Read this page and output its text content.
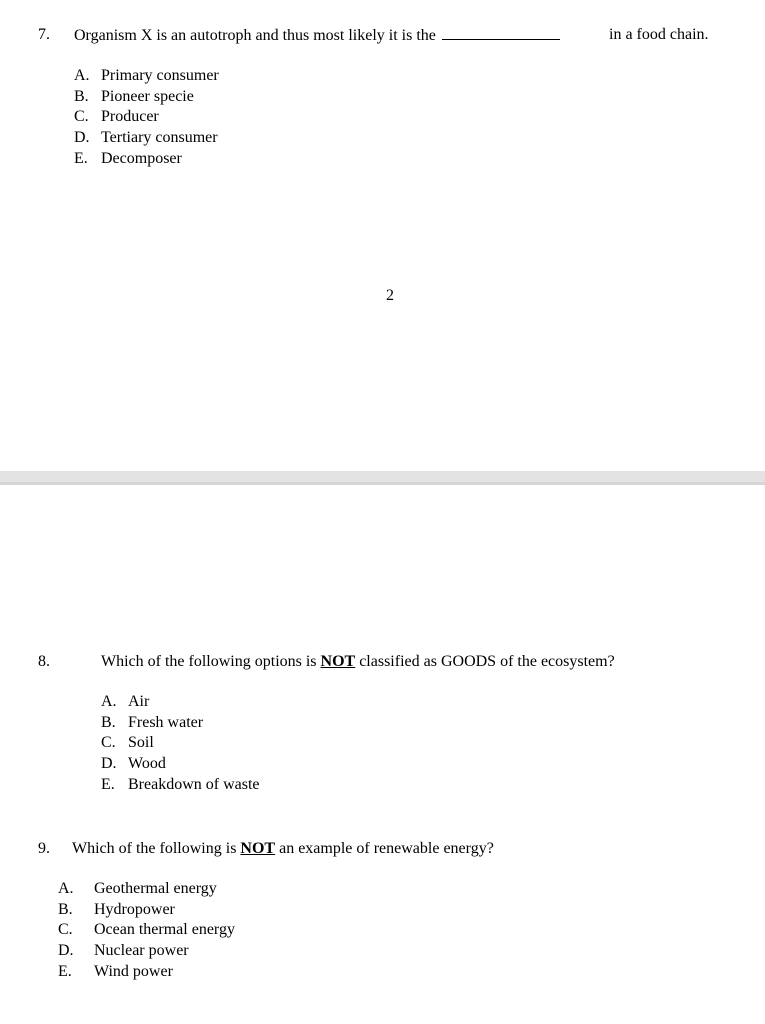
7. Organism X is an autotroph and thus most likely it is the	in a food chain.
A. Primary consumer
B. Pioneer specie
C. Producer
D. Tertiary consumer
E. Decomposer
2
8.	Which of the following options is NOT classified as GOODS of the ecosystem?
A. Air
B. Fresh water
C. Soil
D. Wood
E. Breakdown of waste
9. Which of the following is NOT an example of renewable energy?
A. Geothermal energy
B. Hydropower
C. Ocean thermal energy
D. Nuclear power
E. Wind power
